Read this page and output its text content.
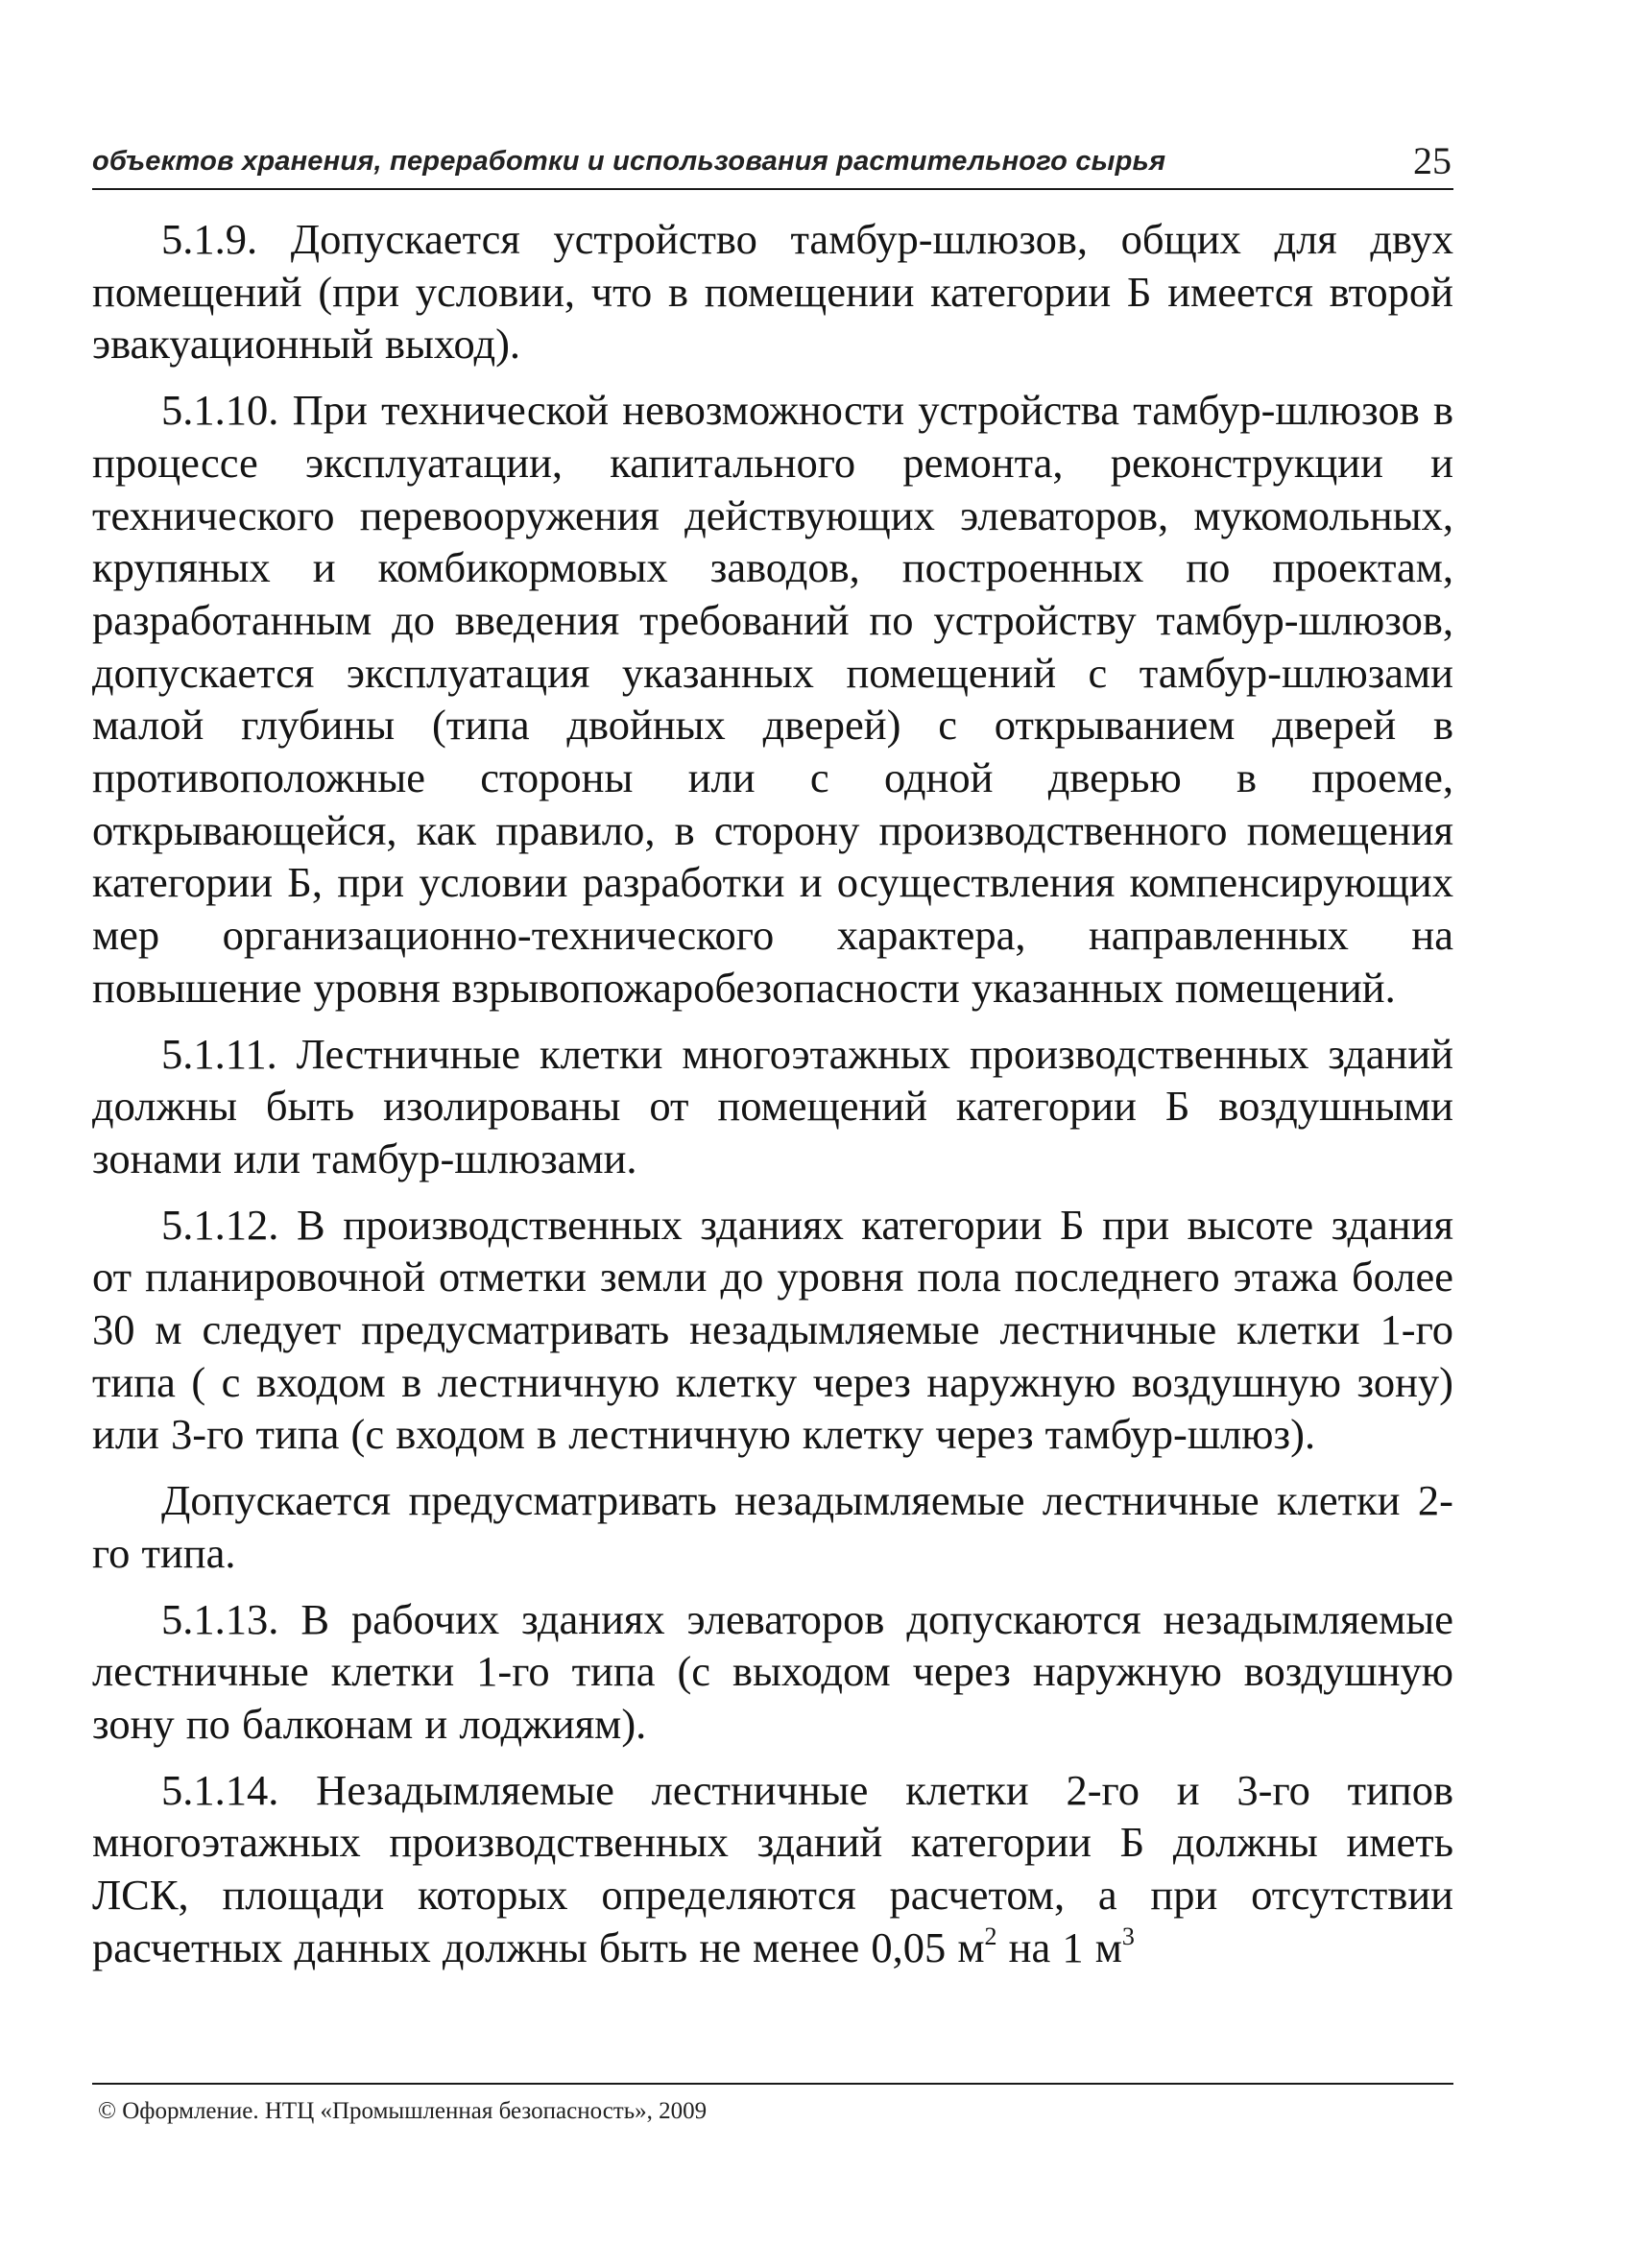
объектов хранения, переработки и использования растительного сырья	25

5.1.9. Допускается устройство тамбур-шлюзов, общих для двух помещений (при условии, что в помещении категории Б имеется второй эвакуационный выход).

5.1.10. При технической невозможности устройства тамбур-шлюзов в процессе эксплуатации, капитального ремонта, реконструкции и технического перевооружения действующих элеваторов, мукомольных, крупяных и комбикормовых заводов, построенных по проектам, разработанным до введения требований по устройству тамбур-шлюзов, допускается эксплуатация указанных помещений с тамбур-шлюзами малой глубины (типа двойных дверей) с открыванием дверей в противоположные стороны или с одной дверью в проеме, открывающейся, как правило, в сторону производственного помещения категории Б, при условии разработки и осуществления компенсирующих мер организационно-технического характера, направленных на повышение уровня взрывопожаробезопасности указанных помещений.

5.1.11. Лестничные клетки многоэтажных производственных зданий должны быть изолированы от помещений категории Б воздушными зонами или тамбур-шлюзами.

5.1.12. В производственных зданиях категории Б при высоте здания от планировочной отметки земли до уровня пола последнего этажа более 30 м следует предусматривать незадымляемые лестничные клетки 1-го типа ( с входом в лестничную клетку через наружную воздушную зону) или 3-го типа (с входом в лестничную клетку через тамбур-шлюз).

Допускается предусматривать незадымляемые лестничные клетки 2-го типа.

5.1.13. В рабочих зданиях элеваторов допускаются незадымляемые лестничные клетки 1-го типа (с выходом через наружную воздушную зону по балконам и лоджиям).

5.1.14. Незадымляемые лестничные клетки 2-го и 3-го типов многоэтажных производственных зданий категории Б должны иметь ЛСК, площади которых определяются расчетом, а при отсутствии расчетных данных должны быть не менее 0,05 $м^2$ на 1 $м^3$

© Оформление. НТЦ «Промышленная безопасность», 2009
